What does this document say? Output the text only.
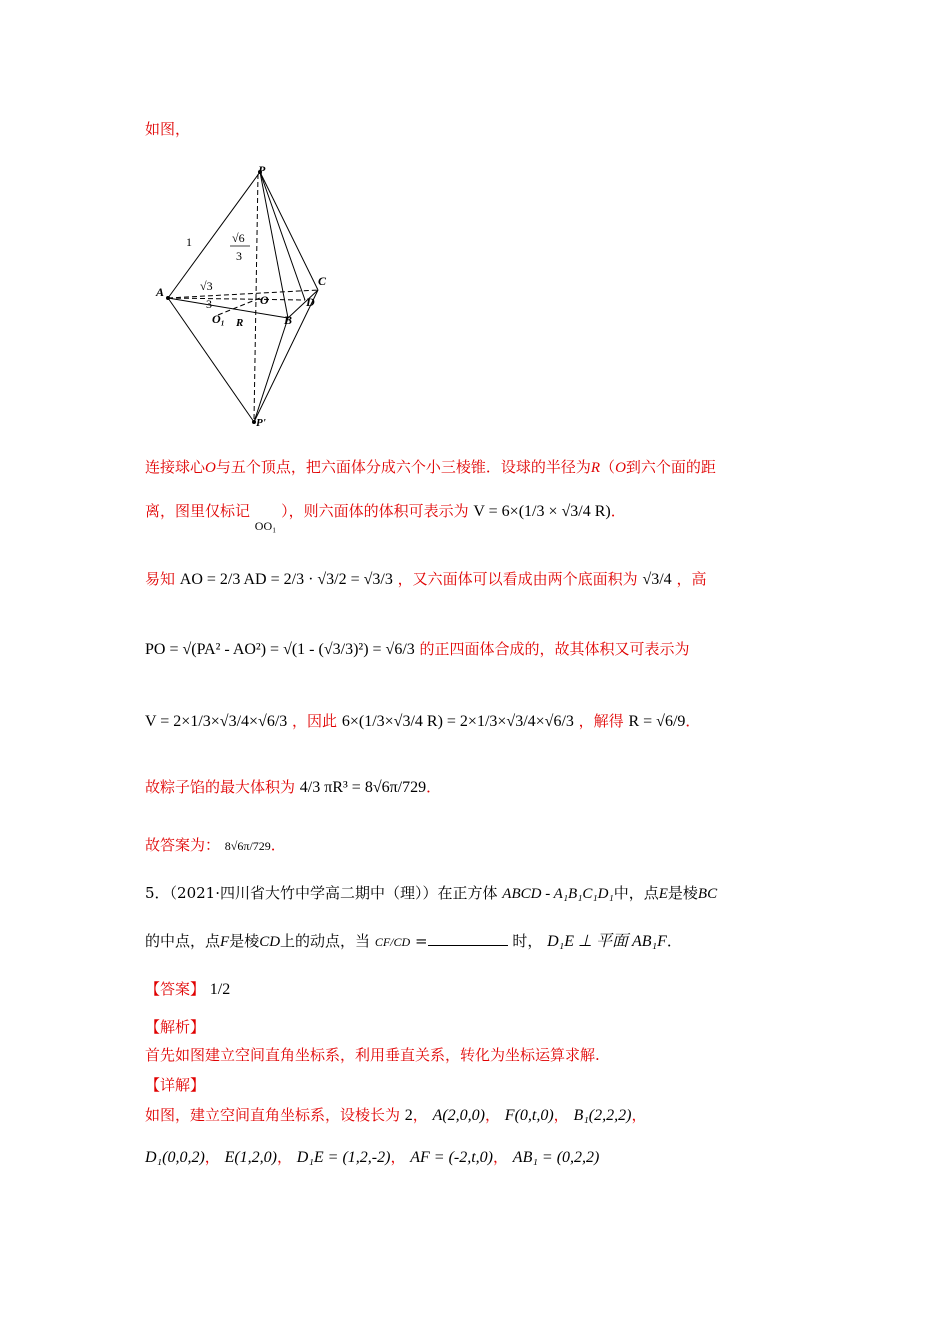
如图，
P
A
C
D
B
O
O₁ R
P'
1	√6
3
√3
3
连接球心O与五个顶点，把六面体分成六个小三棱锥．设球的半径为R（O到六个面的距
离，图里仅标记 $_{OO_1}$ ），则六面体的体积可表示为 V = 6×(1/3 × √3/4 R)．
易知 AO = 2/3 AD = 2/3 · √3/2 = √3/3 ，又六面体可以看成由两个底面积为 √3/4 ，高
PO = √(PA² - AO²) = √(1 - (√3/3)²) = √6/3 的正四面体合成的，故其体积又可表示为
V = 2×1/3×√3/4×√6/3 ，因此 6×(1/3×√3/4 R) = 2×1/3×√3/4×√6/3 ，解得 R = √6/9．
故粽子馅的最大体积为 4/3 πR³ = 8√6π/729．
故答案为： 8√6π/729．
5．（2021·四川省大竹中学高二期中（理））在正方体 ABCD - A₁B₁C₁D₁中，点E是棱BC
的中点，点F是棱CD上的动点，当 CF/CD =	时， D₁E ⊥ 平面 AB₁F．
【答案】 1/2
【解析】
首先如图建立空间直角坐标系，利用垂直关系，转化为坐标运算求解.
【详解】
如图，建立空间直角坐标系，设棱长为 2， A(2,0,0)， F(0,t,0)， B₁(2,2,2)，
D₁(0,0,2)， E(1,2,0)， D₁E = (1,2,-2)， AF = (-2,t,0)， AB₁ = (0,2,2)
